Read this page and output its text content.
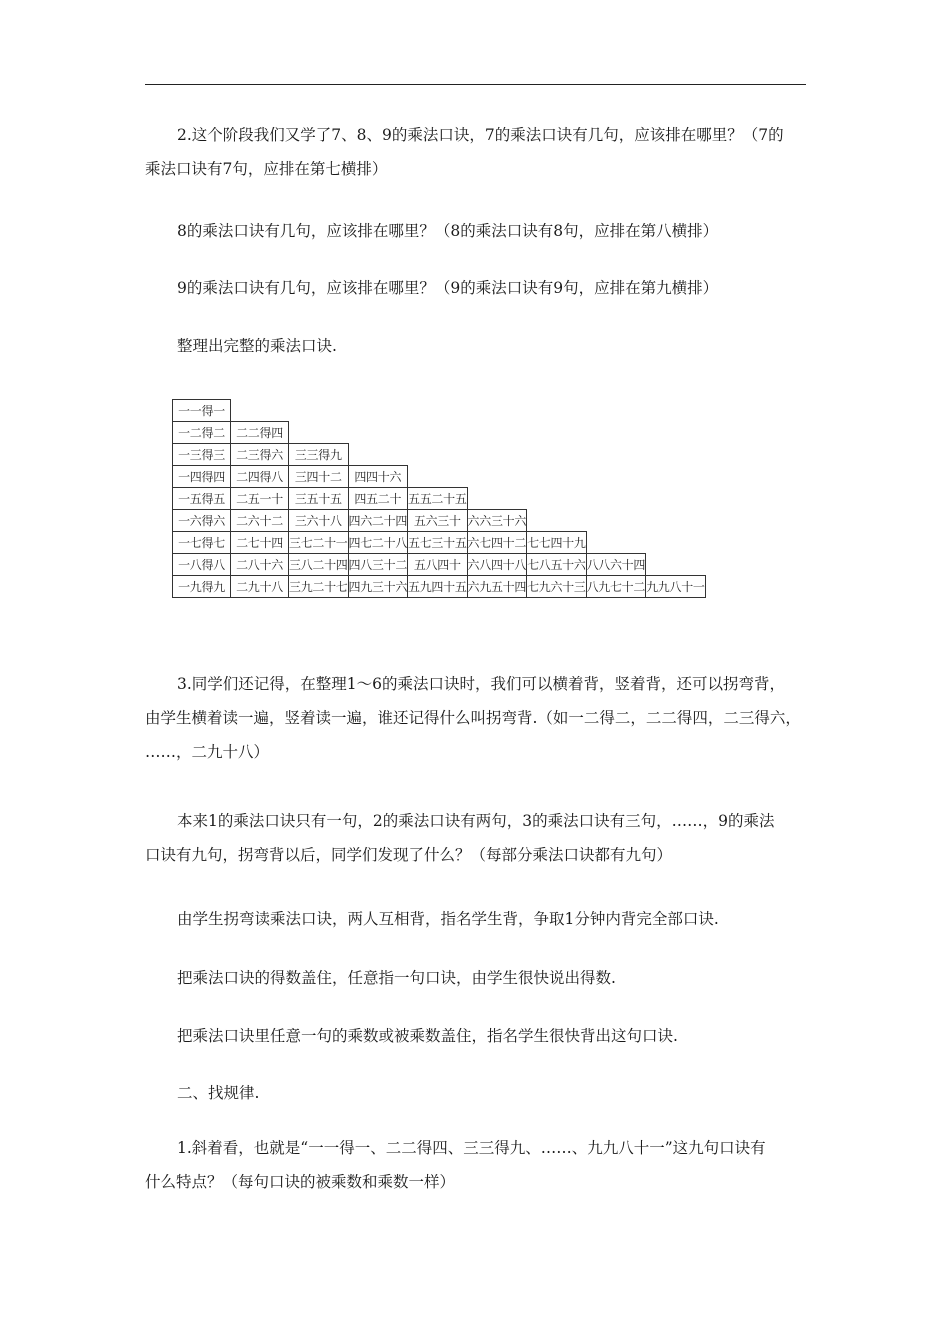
2.这个阶段我们又学了7、8、9的乘法口诀，7的乘法口诀有几句，应该排在哪里？（7的
乘法口诀有7句，应排在第七横排）

8的乘法口诀有几句，应该排在哪里？（8的乘法口诀有8句，应排在第八横排）

9的乘法口诀有几句，应该排在哪里？（9的乘法口诀有9句，应排在第九横排）

整理出完整的乘法口诀.

一一得一								
一二得二	二二得四							
一三得三	二三得六	三三得九						
一四得四	二四得八	三四十二	四四十六					
一五得五	二五一十	三五十五	四五二十	五五二十五				
一六得六	二六十二	三六十八	四六二十四	五六三十	六六三十六			
一七得七	二七十四	三七二十一	四七二十八	五七三十五	六七四十二	七七四十九		
一八得八	二八十六	三八二十四	四八三十二	五八四十	六八四十八	七八五十六	八八六十四	
一九得九	二九十八	三九二十七	四九三十六	五九四十五	六九五十四	七九六十三	八九七十二	九九八十一
3.同学们还记得，在整理1～6的乘法口诀时，我们可以横着背，竖着背，还可以拐弯背，
由学生横着读一遍，竖着读一遍，谁还记得什么叫拐弯背.（如一二得二，二二得四，二三得六，
……，二九十八）
本来1的乘法口诀只有一句，2的乘法口诀有两句，3的乘法口诀有三句，……，9的乘法
口诀有九句，拐弯背以后，同学们发现了什么？（每部分乘法口诀都有九句）

由学生拐弯读乘法口诀，两人互相背，指名学生背，争取1分钟内背完全部口诀.

把乘法口诀的得数盖住，任意指一句口诀，由学生很快说出得数.

把乘法口诀里任意一句的乘数或被乘数盖住，指名学生很快背出这句口诀.

二、找规律.

1.斜着看，也就是“一一得一、二二得四、三三得九、……、九九八十一”这九句口诀有
什么特点？（每句口诀的被乘数和乘数一样）
